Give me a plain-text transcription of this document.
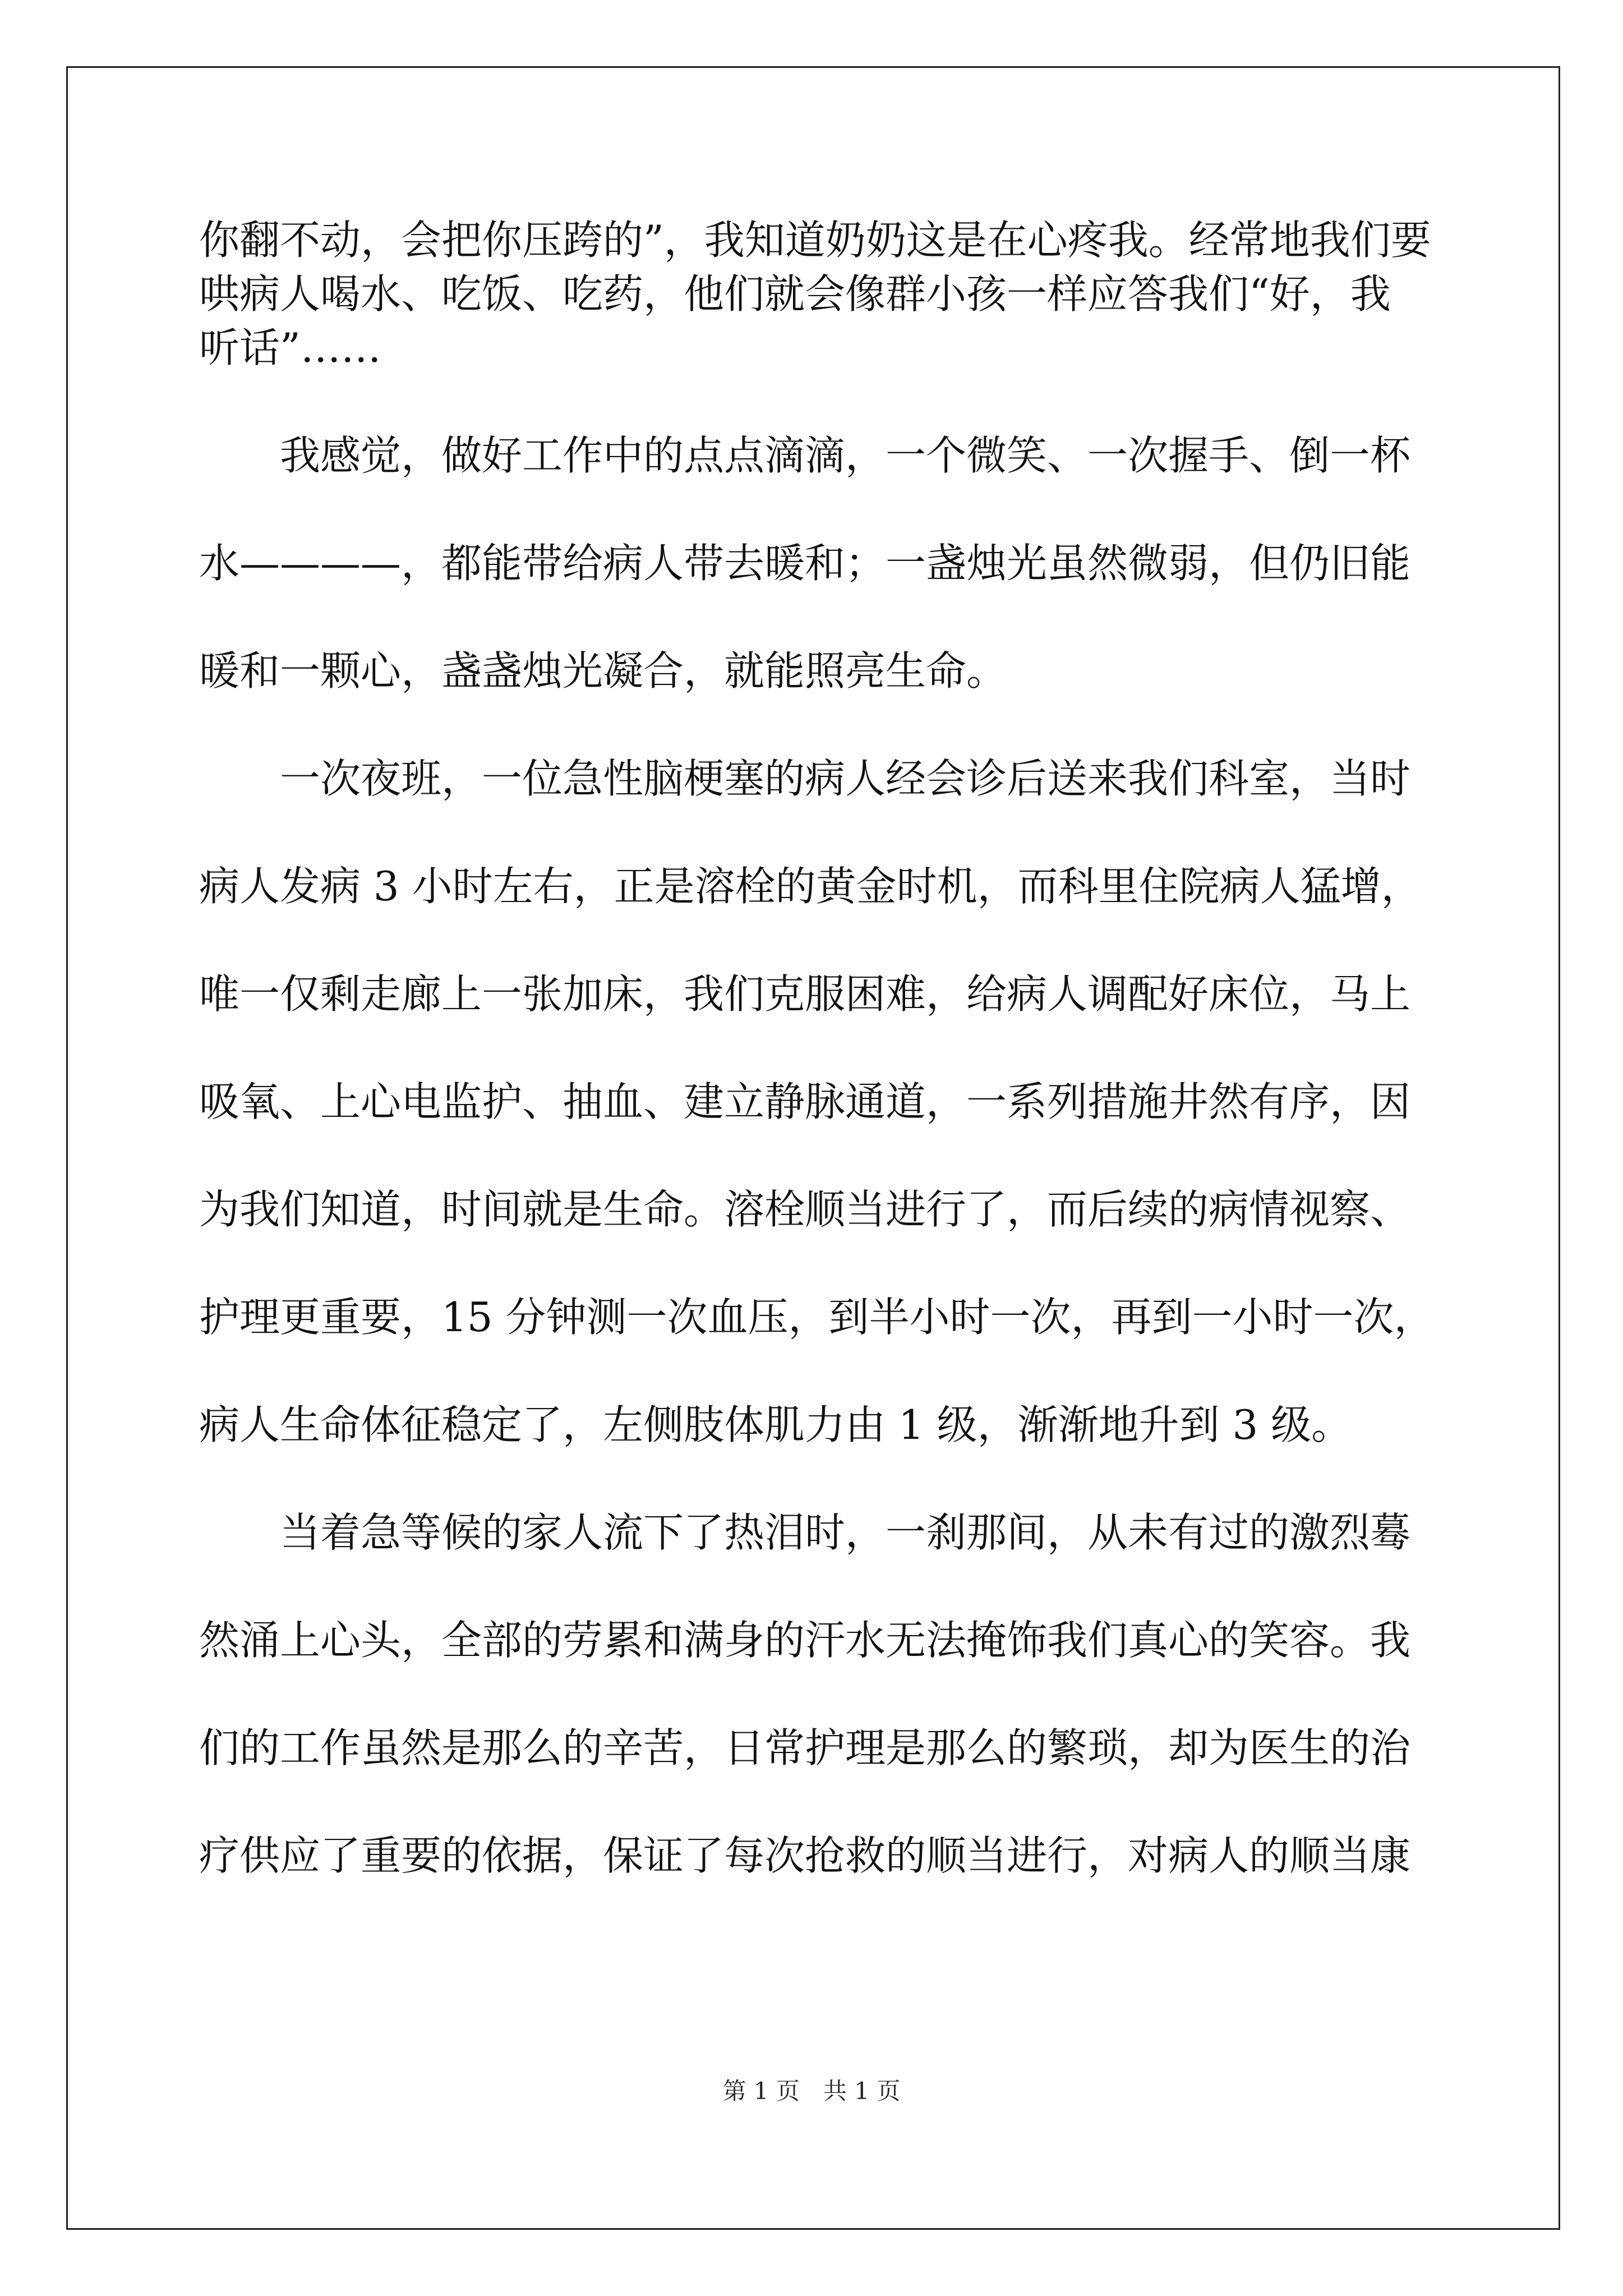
你翻不动，会把你压跨的”，我知道奶奶这是在心疼我。经常地我们要
哄病人喝水、吃饭、吃药，他们就会像群小孩一样应答我们“好，我
听话”……
我感觉，做好工作中的点点滴滴，一个微笑、一次握手、倒一杯
水————，都能带给病人带去暖和；一盏烛光虽然微弱，但仍旧能
暖和一颗心，盏盏烛光凝合，就能照亮生命。
一次夜班，一位急性脑梗塞的病人经会诊后送来我们科室，当时
病人发病 3 小时左右，正是溶栓的黄金时机，而科里住院病人猛增，
唯一仅剩走廊上一张加床，我们克服困难，给病人调配好床位，马上
吸氧、上心电监护、抽血、建立静脉通道，一系列措施井然有序，因
为我们知道，时间就是生命。溶栓顺当进行了，而后续的病情视察、
护理更重要，15 分钟测一次血压，到半小时一次，再到一小时一次，
病人生命体征稳定了，左侧肢体肌力由 1 级，渐渐地升到 3 级。
当着急等候的家人流下了热泪时，一刹那间，从未有过的激烈蓦
然涌上心头，全部的劳累和满身的汗水无法掩饰我们真心的笑容。我
们的工作虽然是那么的辛苦，日常护理是那么的繁琐，却为医生的治
疗供应了重要的依据，保证了每次抢救的顺当进行，对病人的顺当康
第 1 页　共 1 页
